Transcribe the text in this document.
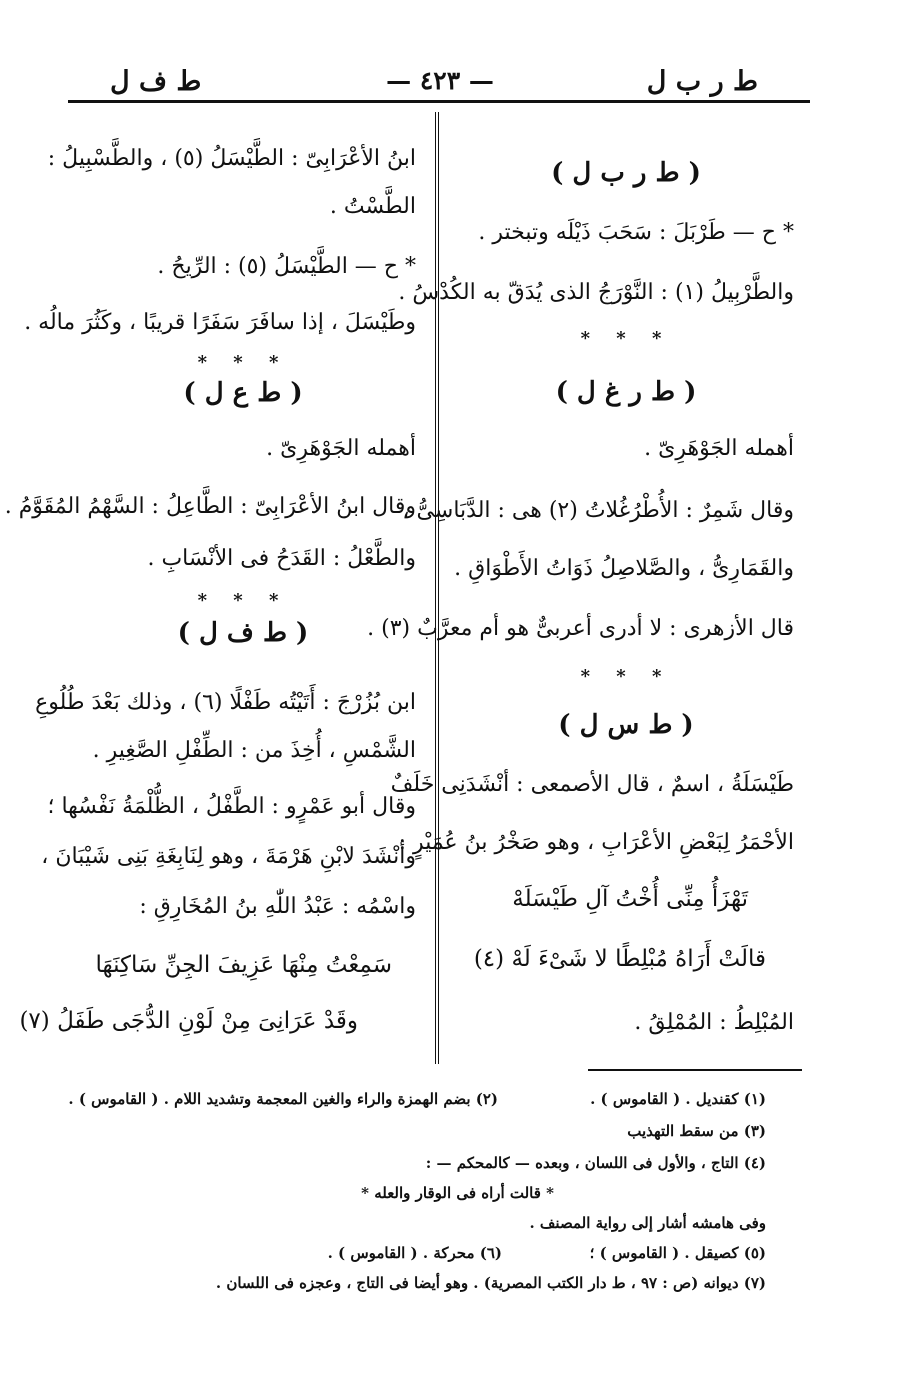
ط ر ب ل
— ٤٢٣ —
ط ف ل
( ط ر ب ل )
* ح — طَرْبَلَ : سَحَبَ ذَيْلَه وتبختر .
والطَّرْبِيلُ (١) : النَّوْرَجُ الذى يُدَقّ به الكُدْسُ .
* * *
( ط ر غ ل )
أهمله الجَوْهَرِىّ .
وقال شَمِرٌ : الأُطْرُغُلاتُ (٢) هى : الدَّبَاسِىُّ ،
والقَمَارِىُّ ، والصَّلاصِلُ ذَوَاتُ الأَطْوَاقِ .
قال الأزهرى : لا أدرى أعربىٌّ هو أم معرَّبٌ (٣) .
* * *
( ط س ل )
طَيْسَلَةُ ، اسمٌ ، قال الأصمعى : أنْشَدَنِى خَلَفٌ
الأحْمَرُ لِبَعْضِ الأعْرَابِ ، وهو صَخْرُ بنُ عُمَيْرٍ :
تَهْزَأُ مِنِّى أُخْتُ آلِ طَيْسَلَهْ
قالَتْ أَرَاهُ مُبْلِطًا لا شَىْءَ لَهْ (٤)
المُبْلِطُ : المُمْلِقُ .
ابنُ الأعْرَابِىّ : الطَّيْسَلُ (٥) ، والطَّسْبِيلُ :
الطَّسْتُ .
* ح — الطَّيْسَلُ (٥) : الرِّيحُ .
وطَيْسَلَ ، إذا سافَرَ سَفَرًا قريبًا ، وكَثُرَ مالُه .
* * *
( ط ع ل )
أهمله الجَوْهَرِىّ .
وقال ابنُ الأعْرَابِىّ : الطَّاعِلُ : السَّهْمُ المُقَوَّمُ .
والطَّعْلُ : القَدَحُ فى الأنْسَابِ .
* * *
( ط ف ل )
ابن بُزُرْجَ : أَتَيْتُه طَفْلًا (٦) ، وذلك بَعْدَ طُلُوعِ
الشَّمْسِ ، أُخِذَ من : الطِّفْلِ الصَّغِيرِ .
وقال أبو عَمْرٍو : الطَّفْلُ ، الظُّلْمَةُ نَفْسُها ؛
وأنْشَدَ لابْنِ هَرْمَةَ ، وهو لِنَابِغَةِ بَنِى شَيْبَانَ ،
واسْمُه : عَبْدُ اللّٰهِ بنُ المُخَارِقِ :
سَمِعْتُ مِنْهَا عَزِيفَ الجِنِّ سَاكِنَهَا
وقَدْ عَرَانِىَ مِنْ لَوْنِ الدُّجَى طَفَلُ (٧)
(١) كقنديل . ( القاموس ) .
(٢) بضم الهمزة والراء والغين المعجمة وتشديد اللام . ( القاموس ) .
(٣) من سقط التهذيب
(٤) التاج ، والأول فى اللسان ، وبعده — كالمحكم — :
* قالت أراه فى الوقار والعله *
وفى هامشه أشار إلى رواية المصنف .
(٥) كصيقل . ( القاموس ) ؛
(٦) محركة . ( القاموس ) .
(٧) ديوانه (ص : ٩٧ ، ط دار الكتب المصرية) . وهو أيضا فى التاج ، وعجزه فى اللسان .
